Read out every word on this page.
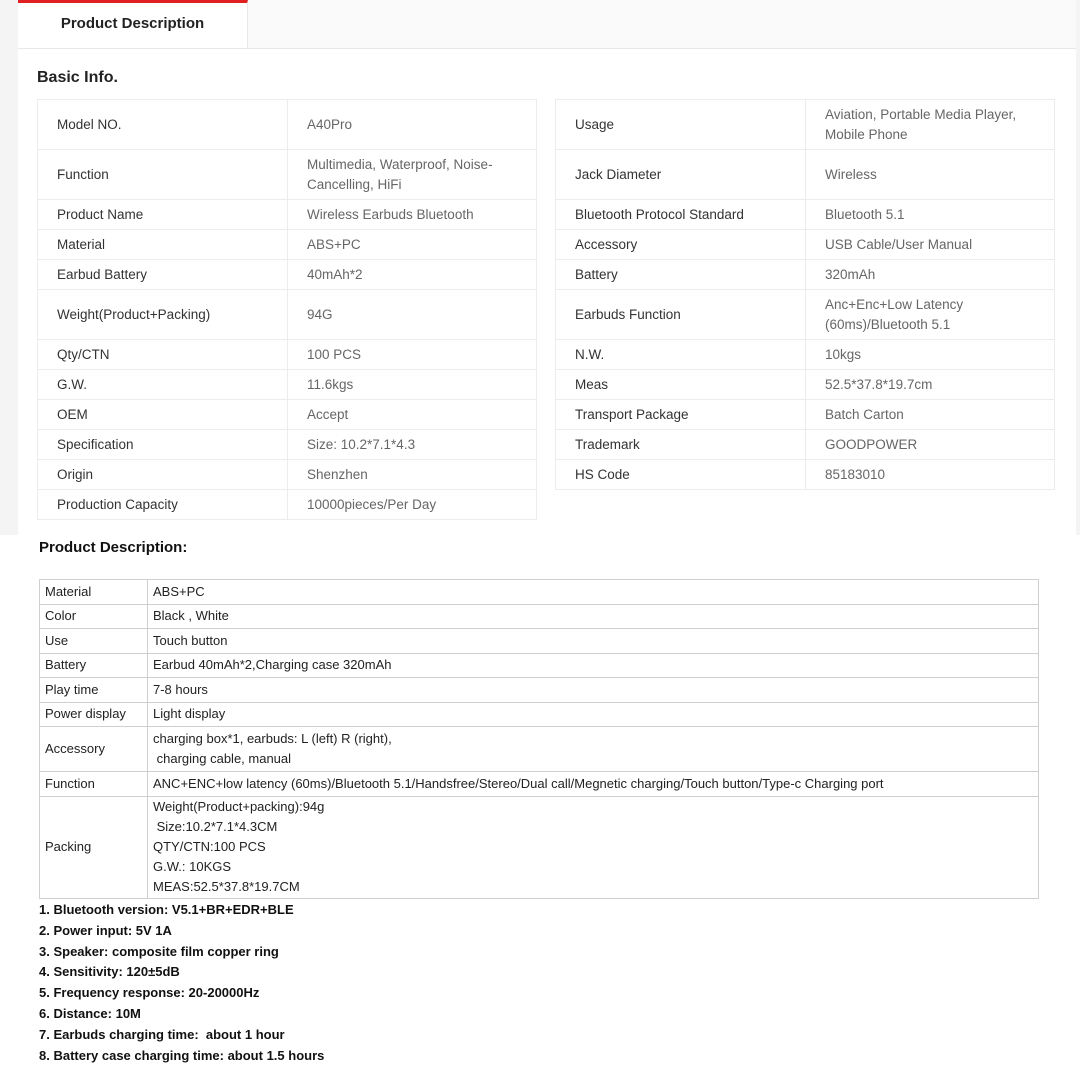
Product Description
Basic Info.
Model NO.	A40Pro
Function	Multimedia, Waterproof, Noise-Cancelling, HiFi
Product Name	Wireless Earbuds Bluetooth
Material	ABS+PC
Earbud Battery	40mAh*2
Weight(Product+Packing)	94G
Qty/CTN	100 PCS
G.W.	11.6kgs
OEM	Accept
Specification	Size: 10.2*7.1*4.3
Origin	Shenzhen
Production Capacity	10000pieces/Per Day
Usage	Aviation, Portable Media Player, Mobile Phone
Jack Diameter	Wireless
Bluetooth Protocol Standard	Bluetooth 5.1
Accessory	USB Cable/User Manual
Battery	320mAh
Earbuds Function	Anc+Enc+Low Latency (60ms)/Bluetooth 5.1
N.W.	10kgs
Meas	52.5*37.8*19.7cm
Transport Package	Batch Carton
Trademark	GOODPOWER
HS Code	85183010
Product Description:
Material	ABS+PC

Color	Black , White

Use	Touch button

Battery	Earbud 40mAh*2,Charging case 320mAh

Play time	7-8 hours

Power display	Light display

Accessory	charging box*1, earbuds: L (left) R (right),
charging cable, manual

Function	ANC+ENC+low latency (60ms)/Bluetooth 5.1/Handsfree/Stereo/Dual call/Megnetic charging/Touch button/Type-c Charging port

Packing	Weight(Product+packing):94g
Size:10.2*7.1*4.3CM
QTY/CTN:100 PCS
G.W.: 10KGS
MEAS:52.5*37.8*19.7CM
1. Bluetooth version: V5.1+BR+EDR+BLE
2. Power input: 5V 1A
3. Speaker: composite film copper ring
4. Sensitivity: 120±5dB
5. Frequency response: 20-20000Hz
6. Distance: 10M
7. Earbuds charging time:  about 1 hour
8. Battery case charging time: about 1.5 hours
